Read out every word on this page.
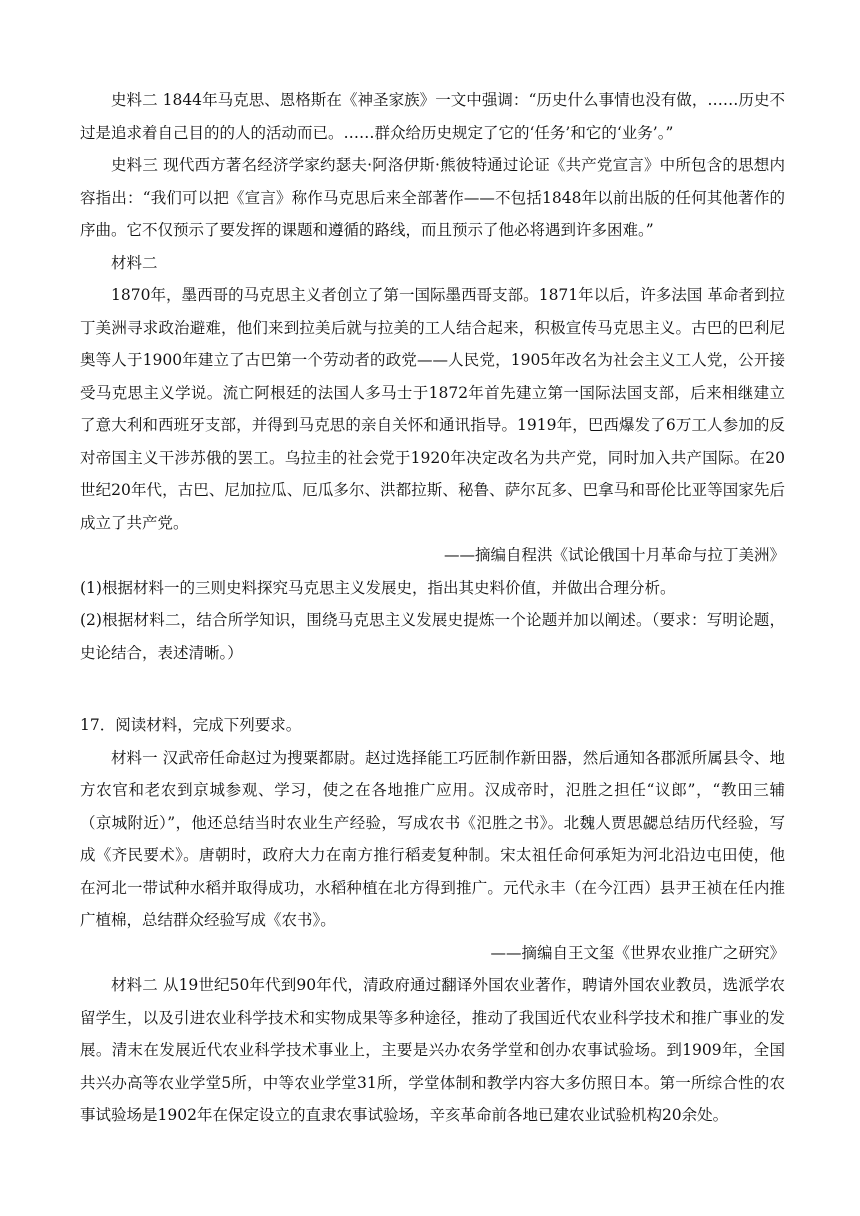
史料二 1844年马克思、恩格斯在《神圣家族》一文中强调：“历史什么事情也没有做，……历史不过是追求着自己目的的人的活动而已。……群众给历史规定了它的‘任务’和它的‘业务’。”

史料三 现代西方著名经济学家约瑟夫·阿洛伊斯·熊彼特通过论证《共产党宣言》中所包含的思想内容指出：“我们可以把《宣言》称作马克思后来全部著作——不包括1848年以前出版的任何其他著作的序曲。它不仅预示了要发挥的课题和遵循的路线，而且预示了他必将遇到许多困难。”

材料二

1870年，墨西哥的马克思主义者创立了第一国际墨西哥支部。1871年以后，许多法国 革命者到拉丁美洲寻求政治避难，他们来到拉美后就与拉美的工人结合起来，积极宣传马克思主义。古巴的巴利尼奥等人于1900年建立了古巴第一个劳动者的政党——人民党，1905年改名为社会主义工人党，公开接受马克思主义学说。流亡阿根廷的法国人多马士于1872年首先建立第一国际法国支部，后来相继建立了意大利和西班牙支部，并得到马克思的亲自关怀和通讯指导。1919年，巴西爆发了6万工人参加的反对帝国主义干涉苏俄的罢工。乌拉圭的社会党于1920年决定改名为共产党，同时加入共产国际。在20世纪20年代，古巴、尼加拉瓜、厄瓜多尔、洪都拉斯、秘鲁、萨尔瓦多、巴拿马和哥伦比亚等国家先后成立了共产党。

——摘编自程洪《试论俄国十月革命与拉丁美洲》

(1)根据材料一的三则史料探究马克思主义发展史，指出其史料价值，并做出合理分析。

(2)根据材料二，结合所学知识，围绕马克思主义发展史提炼一个论题并加以阐述。（要求：写明论题，史论结合，表述清晰。）

17．阅读材料，完成下列要求。

材料一 汉武帝任命赵过为搜粟都尉。赵过选择能工巧匠制作新田器，然后通知各郡派所属县令、地方农官和老农到京城参观、学习，使之在各地推广应用。汉成帝时，氾胜之担任“议郎”，“教田三辅（京城附近）”，他还总结当时农业生产经验，写成农书《氾胜之书》。北魏人贾思勰总结历代经验，写成《齐民要术》。唐朝时，政府大力在南方推行稻麦复种制。宋太祖任命何承矩为河北沿边屯田使，他在河北一带试种水稻并取得成功，水稻种植在北方得到推广。元代永丰（在今江西）县尹王祯在任内推广植棉，总结群众经验写成《农书》。

——摘编自王文玺《世界农业推广之研究》

材料二 从19世纪50年代到90年代，清政府通过翻译外国农业著作，聘请外国农业教员，选派学农留学生，以及引进农业科学技术和实物成果等多种途径，推动了我国近代农业科学技术和推广事业的发展。清末在发展近代农业科学技术事业上，主要是兴办农务学堂和创办农事试验场。到1909年，全国共兴办高等农业学堂5所，中等农业学堂31所，学堂体制和教学内容大多仿照日本。第一所综合性的农事试验场是1902年在保定设立的直隶农事试验场，辛亥革命前各地已建农业试验机构20余处。
